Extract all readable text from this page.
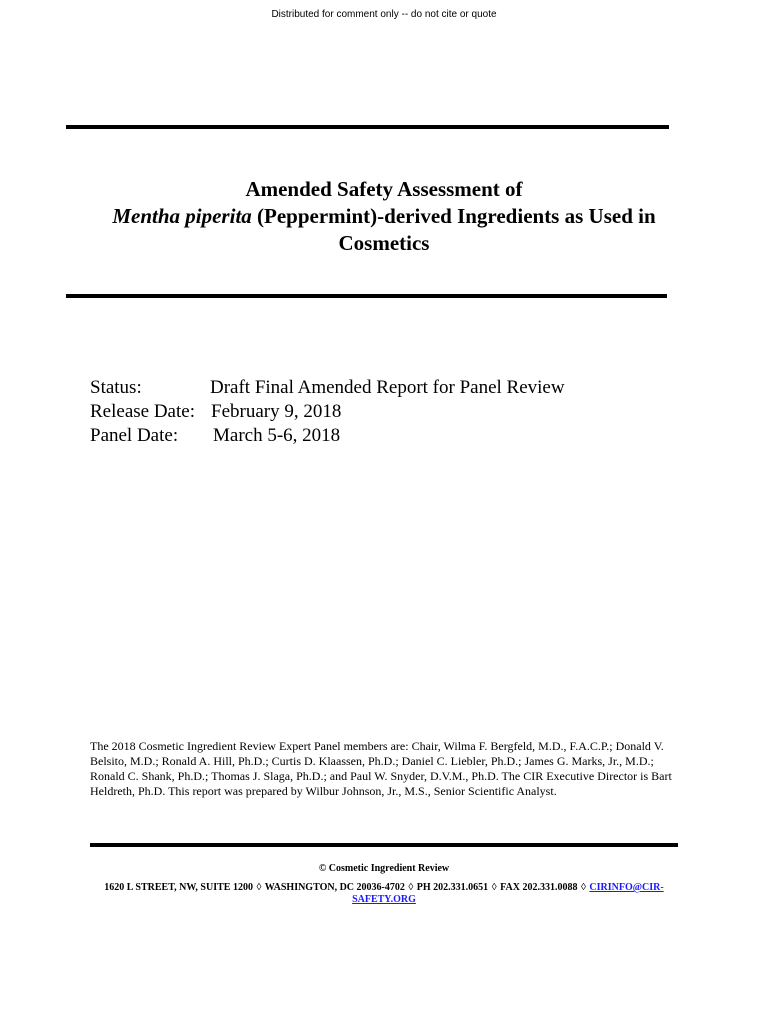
Distributed for comment only -- do not cite or quote
Amended Safety Assessment of
Mentha piperita (Peppermint)-derived Ingredients as Used in
Cosmetics
Status:	Draft Final Amended Report for Panel Review
Release Date: February 9, 2018
Panel Date:	March 5-6, 2018
The 2018 Cosmetic Ingredient Review Expert Panel members are: Chair, Wilma F. Bergfeld, M.D., F.A.C.P.; Donald V. Belsito, M.D.; Ronald A. Hill, Ph.D.; Curtis D. Klaassen, Ph.D.; Daniel C. Liebler, Ph.D.; James G. Marks, Jr., M.D.; Ronald C. Shank, Ph.D.; Thomas J. Slaga, Ph.D.; and Paul W. Snyder, D.V.M., Ph.D. The CIR Executive Director is Bart Heldreth, Ph.D. This report was prepared by Wilbur Johnson, Jr., M.S., Senior Scientific Analyst.
© Cosmetic Ingredient Review
1620 L STREET, NW, SUITE 1200 ◊ WASHINGTON, DC 20036-4702 ◊ PH 202.331.0651 ◊ FAX 202.331.0088 ◊ CIRINFO@CIR-SAFETY.ORG
